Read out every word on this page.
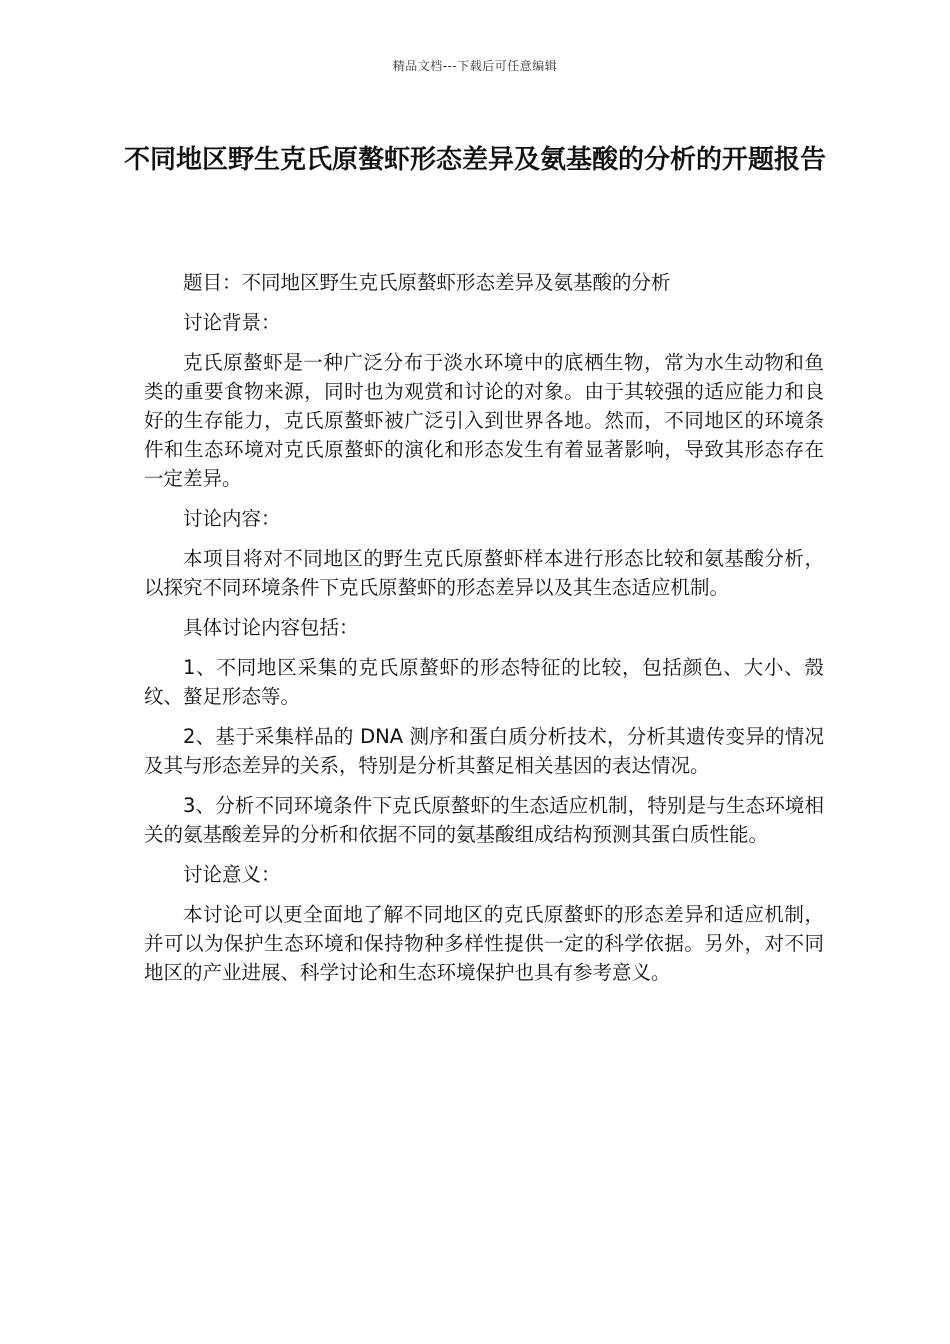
精品文档---下载后可任意编辑
不同地区野生克氏原螯虾形态差异及氨基酸的分析的开题报告

题目：不同地区野生克氏原螯虾形态差异及氨基酸的分析

讨论背景：

克氏原螯虾是一种广泛分布于淡水环境中的底栖生物，常为水生动物和鱼类的重要食物来源，同时也为观赏和讨论的对象。由于其较强的适应能力和良好的生存能力，克氏原螯虾被广泛引入到世界各地。然而，不同地区的环境条件和生态环境对克氏原螯虾的演化和形态发生有着显著影响，导致其形态存在一定差异。

讨论内容：

本项目将对不同地区的野生克氏原螯虾样本进行形态比较和氨基酸分析，以探究不同环境条件下克氏原螯虾的形态差异以及其生态适应机制。

具体讨论内容包括：

1、不同地区采集的克氏原螯虾的形态特征的比较，包括颜色、大小、殼纹、螯足形态等。

2、基于采集样品的 DNA 测序和蛋白质分析技术，分析其遗传变异的情况及其与形态差异的关系，特别是分析其螯足相关基因的表达情况。

3、分析不同环境条件下克氏原螯虾的生态适应机制，特别是与生态环境相关的氨基酸差异的分析和依据不同的氨基酸组成结构预测其蛋白质性能。

讨论意义：

本讨论可以更全面地了解不同地区的克氏原螯虾的形态差异和适应机制，并可以为保护生态环境和保持物种多样性提供一定的科学依据。另外，对不同地区的产业进展、科学讨论和生态环境保护也具有参考意义。
